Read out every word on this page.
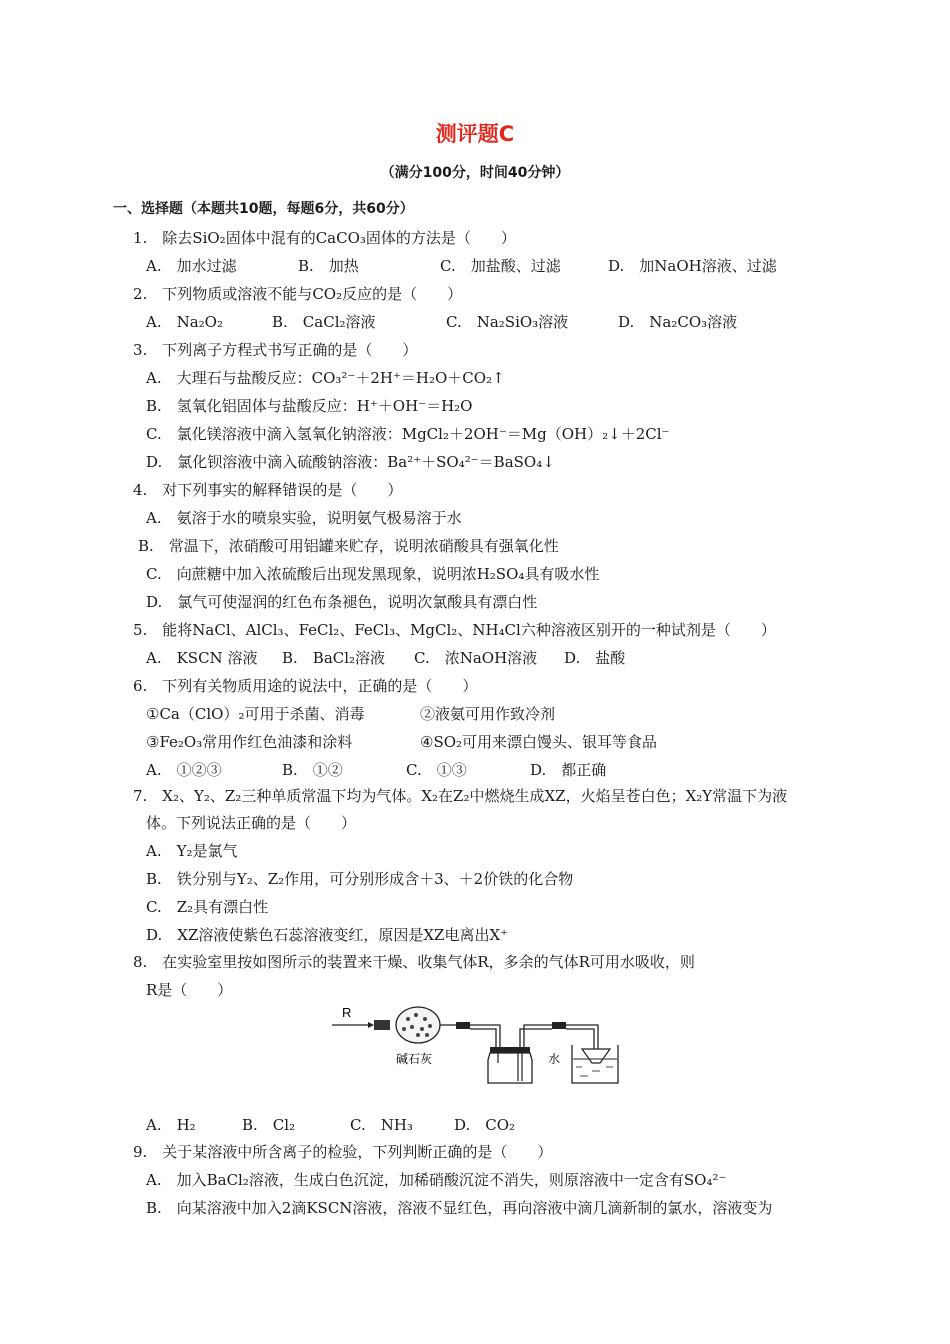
测评题C
（满分100分，时间40分钟）
一、选择题（本题共10题，每题6分，共60分）
1.　除去SiO₂固体中混有的CaCO₃固体的方法是（　　）
A.　加水过滤	B.　加热	C.　加盐酸、过滤	D.　加NaOH溶液、过滤
2.　下列物质或溶液不能与CO₂反应的是（　　）
A.　Na₂O₂	B.　CaCl₂溶液	C.　Na₂SiO₃溶液	D.　Na₂CO₃溶液
3.　下列离子方程式书写正确的是（　　）
A.　大理石与盐酸反应：CO₃²⁻＋2H⁺＝H₂O＋CO₂↑
B.　氢氧化铝固体与盐酸反应：H⁺＋OH⁻＝H₂O
C.　氯化镁溶液中滴入氢氧化钠溶液：MgCl₂＋2OH⁻＝Mg（OH）₂↓＋2Cl⁻
D.　氯化钡溶液中滴入硫酸钠溶液：Ba²⁺＋SO₄²⁻＝BaSO₄↓
4.　对下列事实的解释错误的是（　　）
A.　氨溶于水的喷泉实验，说明氨气极易溶于水
B.　常温下，浓硝酸可用铝罐来贮存，说明浓硝酸具有强氧化性
C.　向蔗糖中加入浓硫酸后出现发黑现象，说明浓H₂SO₄具有吸水性
D.　氯气可使湿润的红色布条褪色，说明次氯酸具有漂白性
5.　能将NaCl、AlCl₃、FeCl₂、FeCl₃、MgCl₂、NH₄Cl六种溶液区别开的一种试剂是（　　）
A.　KSCN 溶液 B.　BaCl₂溶液 C.　浓NaOH溶液 D.　盐酸
6.　下列有关物质用途的说法中，正确的是（　　）
①Ca（ClO）₂可用于杀菌、消毒	②液氨可用作致冷剂
③Fe₂O₃常用作红色油漆和涂料	④SO₂可用来漂白馒头、银耳等食品
A.　①②③	B.　①②	C.　①③	D.　都正确
7.　X₂、Y₂、Z₂三种单质常温下均为气体。X₂在Z₂中燃烧生成XZ，火焰呈苍白色；X₂Y常温下为液
体。下列说法正确的是（　　）
A.　Y₂是氯气
B.　铁分别与Y₂、Z₂作用，可分别形成含＋3、＋2价铁的化合物
C.　Z₂具有漂白性
D.　XZ溶液使紫色石蕊溶液变红，原因是XZ电离出X⁺
8.　在实验室里按如图所示的装置来干燥、收集气体R，多余的气体R可用水吸收，则
R是（　　）
R
碱石灰	水
A.　H₂	B.　Cl₂	C.　NH₃	D.　CO₂
9.　关于某溶液中所含离子的检验，下列判断正确的是（　　）
A.　加入BaCl₂溶液，生成白色沉淀，加稀硝酸沉淀不消失，则原溶液中一定含有SO₄²⁻
B.　向某溶液中加入2滴KSCN溶液，溶液不显红色，再向溶液中滴几滴新制的氯水，溶液变为
